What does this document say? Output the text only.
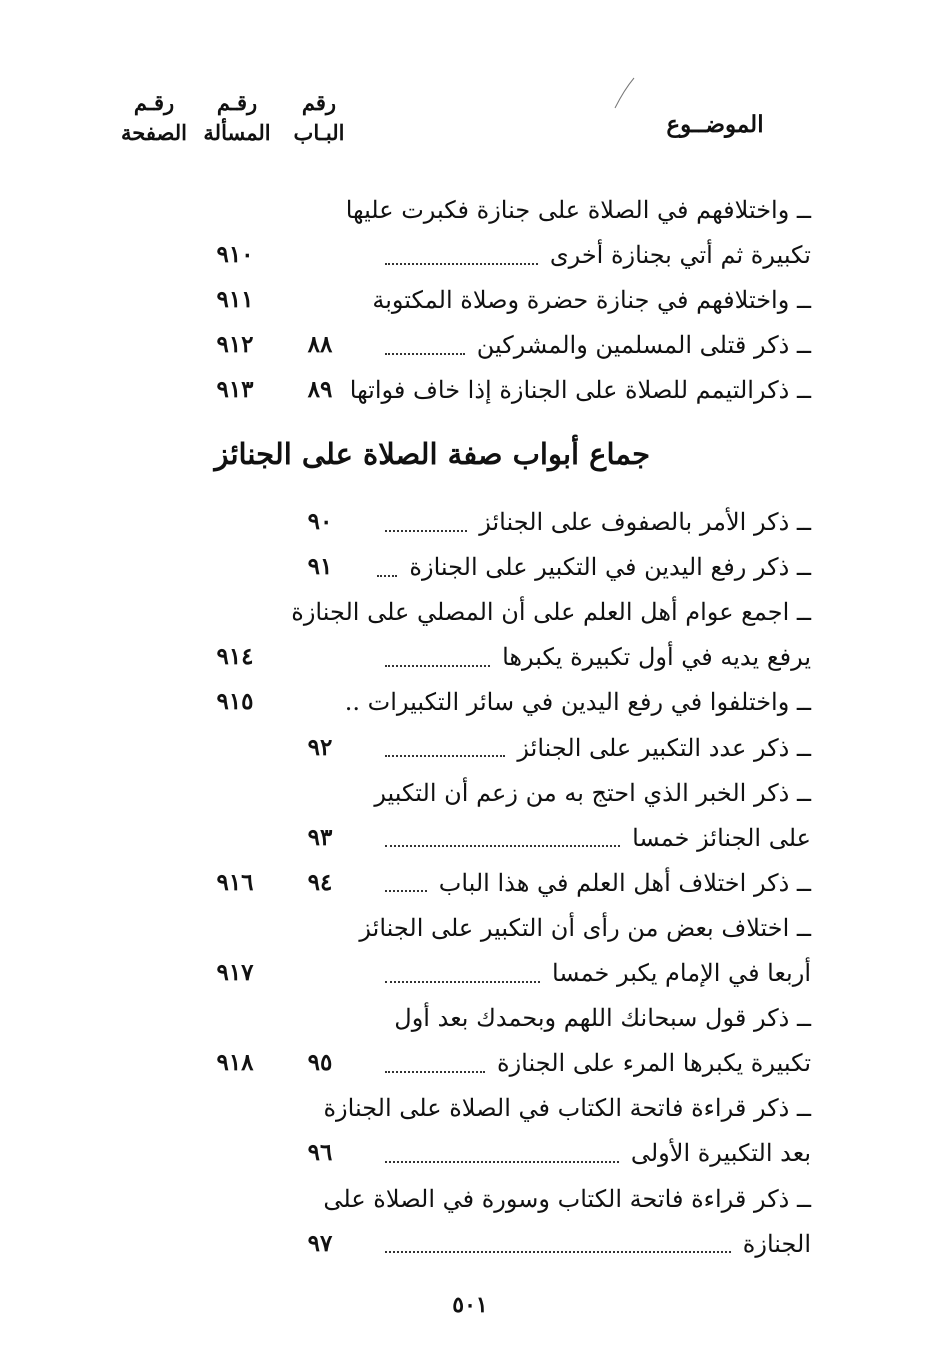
الموضــوع
رقم
البـاب
رقـم
المسألة
رقـم
الصفحة
ــ واختلافهم في الصلاة على جنازة فكبرت عليها
تكبيرة ثم أتي بجنازة أخرى
٩١٠
ــ واختلافهم في جنازة حضرة وصلاة المكتوبة
٩١١
ــ ذكر قتلى المسلمين والمشركين
٨٨
٩١٢
ــ ذكرالتيمم للصلاة على الجنازة إذا خاف فواتها
٨٩
٩١٣
جماع أبواب صفة الصلاة على الجنائز
ــ ذكر الأمر بالصفوف على الجنائز
٩٠
ــ ذكر رفع اليدين في التكبير على الجنازة
٩١
ــ اجمع عوام أهل العلم على أن المصلي على الجنازة
يرفع يديه في أول تكبيرة يكبرها
٩١٤
ــ واختلفوا في رفع اليدين في سائر التكبيرات ..
٩١٥
ــ ذكر عدد التكبير على الجنائز
٩٢
ــ ذكر الخبر الذي احتج به من زعم أن التكبير
على الجنائز خمسا
٩٣
ــ ذكر اختلاف أهل العلم في هذا الباب
٩٤
٩١٦
ــ اختلاف بعض من رأى أن التكبير على الجنائز
أربعا في الإمام يكبر خمسا
٩١٧
ــ ذكر قول سبحانك اللهم وبحمدك بعد أول
تكبيرة يكبرها المرء على الجنازة
٩٥
٩١٨
ــ ذكر قراءة فاتحة الكتاب في الصلاة على الجنازة
بعد التكبيرة الأولى
٩٦
ــ ذكر قراءة فاتحة الكتاب وسورة في الصلاة على
الجنازة
٩٧
٥٠١
